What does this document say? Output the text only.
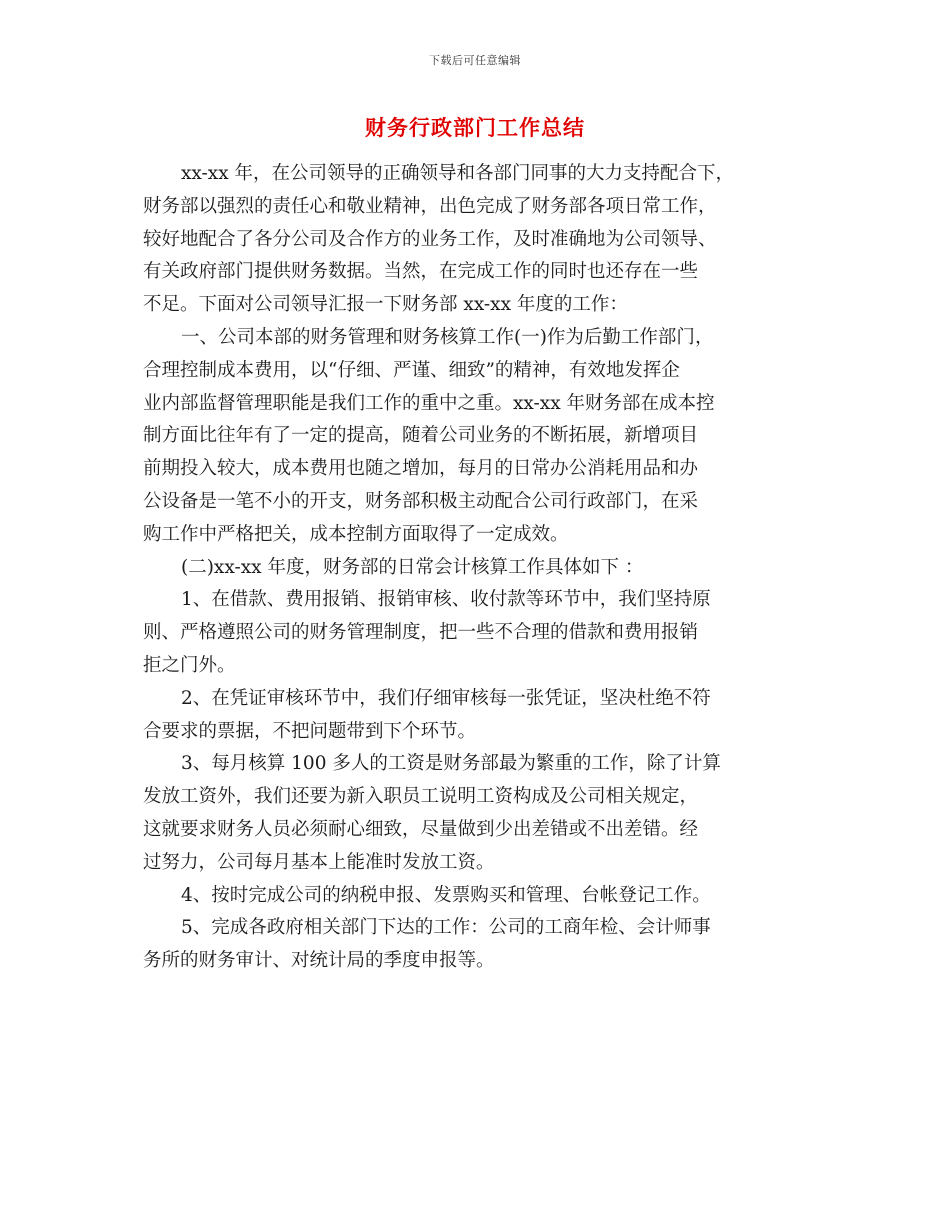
下载后可任意编辑
财务行政部门工作总结
xx-xx 年，在公司领导的正确领导和各部门同事的大力支持配合下，
财务部以强烈的责任心和敬业精神，出色完成了财务部各项日常工作，
较好地配合了各分公司及合作方的业务工作，及时准确地为公司领导、
有关政府部门提供财务数据。当然，在完成工作的同时也还存在一些
不足。下面对公司领导汇报一下财务部 xx-xx 年度的工作：
一、公司本部的财务管理和财务核算工作(一)作为后勤工作部门，
合理控制成本费用，以“仔细、严谨、细致”的精神，有效地发挥企
业内部监督管理职能是我们工作的重中之重。xx-xx 年财务部在成本控
制方面比往年有了一定的提高，随着公司业务的不断拓展，新增项目
前期投入较大，成本费用也随之增加，每月的日常办公消耗用品和办
公设备是一笔不小的开支，财务部积极主动配合公司行政部门，在采
购工作中严格把关，成本控制方面取得了一定成效。
(二)xx-xx 年度，财务部的日常会计核算工作具体如下 ：
1、在借款、费用报销、报销审核、收付款等环节中，我们坚持原
则、严格遵照公司的财务管理制度，把一些不合理的借款和费用报销
拒之门外。
2、在凭证审核环节中，我们仔细审核每一张凭证，坚决杜绝不符
合要求的票据，不把问题带到下个环节。
3、每月核算 100 多人的工资是财务部最为繁重的工作，除了计算
发放工资外，我们还要为新入职员工说明工资构成及公司相关规定，
这就要求财务人员必须耐心细致，尽量做到少出差错或不出差错。经
过努力，公司每月基本上能准时发放工资。
4、按时完成公司的纳税申报、发票购买和管理、台帐登记工作。
5、完成各政府相关部门下达的工作：公司的工商年检、会计师事
务所的财务审计、对统计局的季度申报等。
